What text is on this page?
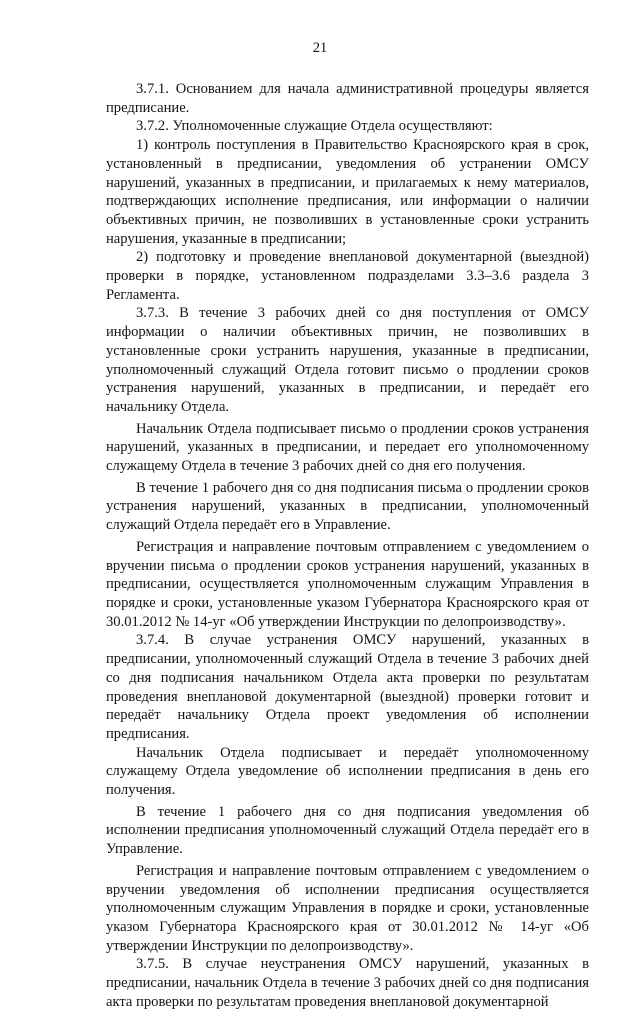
21

3.7.1. Основанием для начала административной процедуры является предписание.

3.7.2. Уполномоченные служащие Отдела осуществляют:

1) контроль поступления в Правительство Красноярского края в срок, установленный в предписании, уведомления об устранении ОМСУ нарушений, указанных в предписании, и прилагаемых к нему материалов, подтверждающих исполнение предписания, или информации о наличии объективных причин, не позволивших в установленные сроки устранить нарушения, указанные в предписании;

2) подготовку и проведение внеплановой документарной (выездной) проверки в порядке, установленном подразделами 3.3–3.6 раздела 3 Регламента.

3.7.3. В течение 3 рабочих дней со дня поступления от ОМСУ информации о наличии объективных причин, не позволивших в установленные сроки устранить нарушения, указанные в предписании, уполномоченный служащий Отдела готовит письмо о продлении сроков устранения нарушений, указанных в предписании, и передаёт его начальнику Отдела.

Начальник Отдела подписывает письмо о продлении сроков устранения нарушений, указанных в предписании, и передает его уполномоченному служащему Отдела в течение 3 рабочих дней со дня его получения.

В течение 1 рабочего дня со дня подписания письма о продлении сроков устранения нарушений, указанных в предписании, уполномоченный служащий Отдела передаёт его в Управление.

Регистрация и направление почтовым отправлением с уведомлением о вручении письма о продлении сроков устранения нарушений, указанных в предписании, осуществляется уполномоченным служащим Управления в порядке и сроки, установленные указом Губернатора Красноярского края от 30.01.2012 № 14-уг «Об утверждении Инструкции по делопроизводству».

3.7.4. В случае устранения ОМСУ нарушений, указанных в предписании, уполномоченный служащий Отдела в течение 3 рабочих дней со дня подписания начальником Отдела акта проверки по результатам проведения внеплановой документарной (выездной) проверки готовит и передаёт начальнику Отдела проект уведомления об исполнении предписания.

Начальник Отдела подписывает и передаёт уполномоченному служащему Отдела уведомление об исполнении предписания в день его получения.

В течение 1 рабочего дня со дня подписания уведомления об исполнении предписания уполномоченный служащий Отдела передаёт его в Управление.

Регистрация и направление почтовым отправлением с уведомлением о вручении уведомления об исполнении предписания осуществляется уполномоченным служащим Управления в порядке и сроки, установленные указом Губернатора Красноярского края от 30.01.2012 № 14-уг «Об утверждении Инструкции по делопроизводству».

3.7.5. В случае неустранения ОМСУ нарушений, указанных в предписании, начальник Отдела в течение 3 рабочих дней со дня подписания акта проверки по результатам проведения внеплановой документарной
